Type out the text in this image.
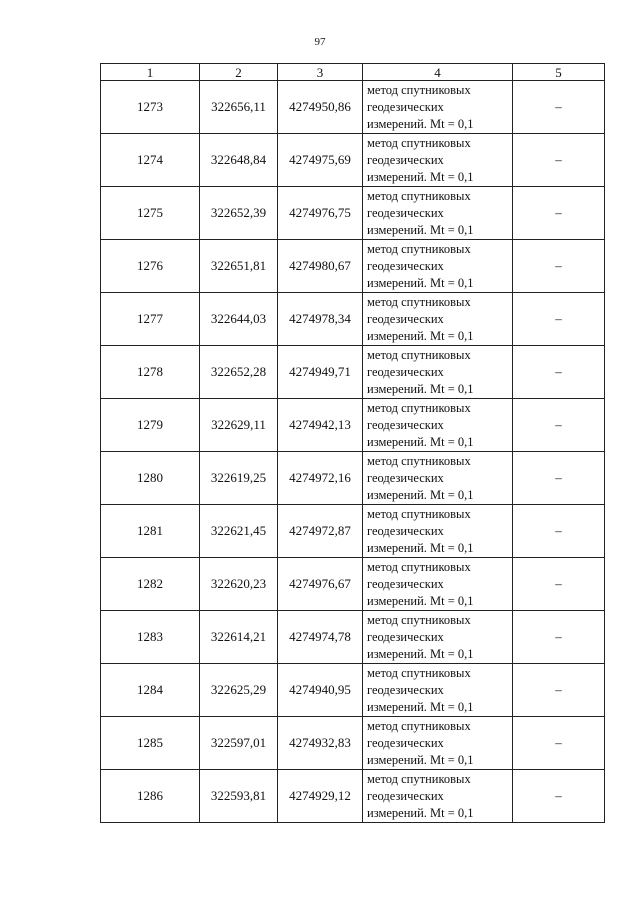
97
1	2	3	4	5
1273	322656,11	4274950,86	метод спутниковых
геодезических
измерений. Mt = 0,1	–
1274	322648,84	4274975,69	метод спутниковых
геодезических
измерений. Mt = 0,1	–
1275	322652,39	4274976,75	метод спутниковых
геодезических
измерений. Mt = 0,1	–
1276	322651,81	4274980,67	метод спутниковых
геодезических
измерений. Mt = 0,1	–
1277	322644,03	4274978,34	метод спутниковых
геодезических
измерений. Mt = 0,1	–
1278	322652,28	4274949,71	метод спутниковых
геодезических
измерений. Mt = 0,1	–
1279	322629,11	4274942,13	метод спутниковых
геодезических
измерений. Mt = 0,1	–
1280	322619,25	4274972,16	метод спутниковых
геодезических
измерений. Mt = 0,1	–
1281	322621,45	4274972,87	метод спутниковых
геодезических
измерений. Mt = 0,1	–
1282	322620,23	4274976,67	метод спутниковых
геодезических
измерений. Mt = 0,1	–
1283	322614,21	4274974,78	метод спутниковых
геодезических
измерений. Mt = 0,1	–
1284	322625,29	4274940,95	метод спутниковых
геодезических
измерений. Mt = 0,1	–
1285	322597,01	4274932,83	метод спутниковых
геодезических
измерений. Mt = 0,1	–
1286	322593,81	4274929,12	метод спутниковых
геодезических
измерений. Mt = 0,1	–
